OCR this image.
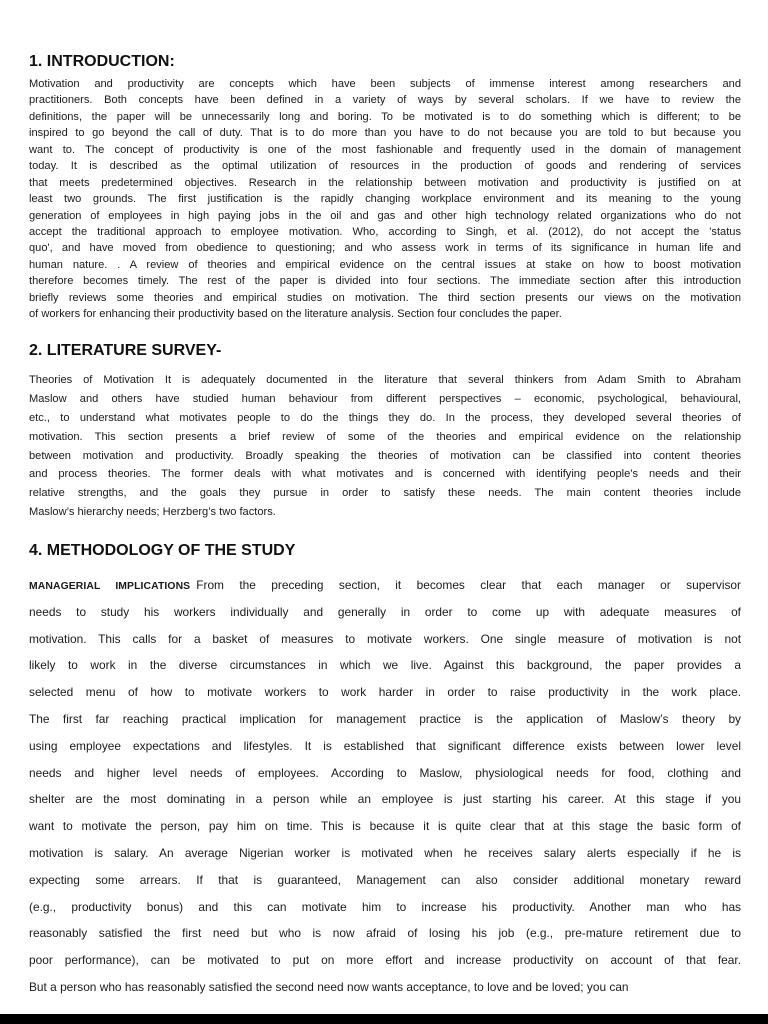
1. INTRODUCTION:
Motivation and productivity are concepts which have been subjects of immense interest among researchers and
practitioners. Both concepts have been defined in a variety of ways by several scholars. If we have to review the
definitions, the paper will be unnecessarily long and boring. To be motivated is to do something which is different; to be
inspired to go beyond the call of duty. That is to do more than you have to do not because you are told to but because you
want to. The concept of productivity is one of the most fashionable and frequently used in the domain of management
today. It is described as the optimal utilization of resources in the production of goods and rendering of services
that meets predetermined objectives. Research in the relationship between motivation and productivity is justified on at
least two grounds. The first justification is the rapidly changing workplace environment and its meaning to the young
generation of employees in high paying jobs in the oil and gas and other high technology related organizations who do not
accept the traditional approach to employee motivation. Who, according to Singh, et al. (2012), do not accept the 'status
quo', and have moved from obedience to questioning; and who assess work in terms of its significance in human life and
human nature. . A review of theories and empirical evidence on the central issues at stake on how to boost motivation
therefore becomes timely. The rest of the paper is divided into four sections. The immediate section after this introduction
briefly reviews some theories and empirical studies on motivation. The third section presents our views on the motivation
of workers for enhancing their productivity based on the literature analysis. Section four concludes the paper.
2. LITERATURE SURVEY-
Theories of Motivation It is adequately documented in the literature that several thinkers from Adam Smith to Abraham
Maslow and others have studied human behaviour from different perspectives – economic, psychological, behavioural,
etc., to understand what motivates people to do the things they do. In the process, they developed several theories of
motivation. This section presents a brief review of some of the theories and empirical evidence on the relationship
between motivation and productivity. Broadly speaking the theories of motivation can be classified into content theories
and process theories. The former deals with what motivates and is concerned with identifying people’s needs and their
relative strengths, and the goals they pursue in order to satisfy these needs. The main content theories include
Maslow’s hierarchy needs; Herzberg’s two factors.
4. METHODOLOGY OF THE STUDY
MANAGERIAL IMPLICATIONS From the preceding section, it becomes clear that each manager or supervisor
needs to study his workers individually and generally in order to come up with adequate measures of
motivation. This calls for a basket of measures to motivate workers. One single measure of motivation is not
likely to work in the diverse circumstances in which we live. Against this background, the paper provides a
selected menu of how to motivate workers to work harder in order to raise productivity in the work place.
The first far reaching practical implication for management practice is the application of Maslow’s theory by
using employee expectations and lifestyles. It is established that significant difference exists between lower level
needs and higher level needs of employees. According to Maslow, physiological needs for food, clothing and
shelter are the most dominating in a person while an employee is just starting his career. At this stage if you
want to motivate the person, pay him on time. This is because it is quite clear that at this stage the basic form of
motivation is salary. An average Nigerian worker is motivated when he receives salary alerts especially if he is
expecting some arrears. If that is guaranteed, Management can also consider additional monetary reward
(e.g., productivity bonus) and this can motivate him to increase his productivity. Another man who has
reasonably satisfied the first need but who is now afraid of losing his job (e.g., pre-mature retirement due to
poor performance), can be motivated to put on more effort and increase productivity on account of that fear.
But a person who has reasonably satisfied the second need now wants acceptance, to love and be loved; you can
